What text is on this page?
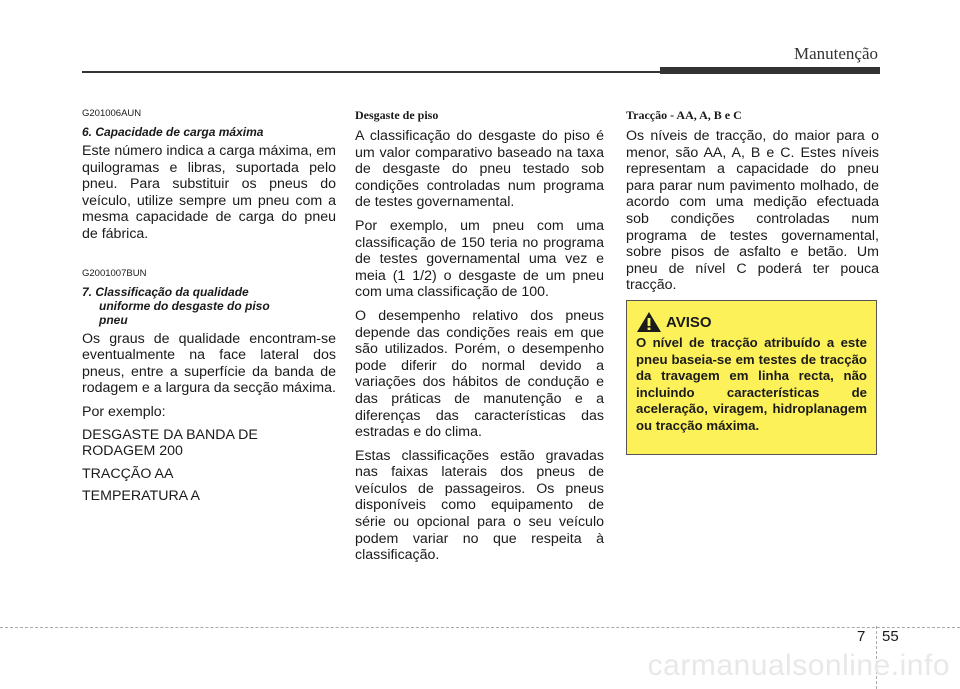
Manutenção

G201006AUN

6. Capacidade de carga máxima

Este número indica a carga máxima, em quilogramas e libras, suportada pelo pneu. Para substituir os pneus do veículo, utilize sempre um pneu com a mesma capacidade de carga do pneu de fábrica.

G2001007BUN

7. Classificação da qualidade
uniforme do desgaste do piso
pneu

Os graus de qualidade encontram-se eventualmente na face lateral dos pneus, entre a superfície da banda de rodagem e a largura da secção máxima.

Por exemplo:

DESGASTE DA BANDA DE RODAGEM 200

TRACÇÃO AA

TEMPERATURA A

Desgaste de piso

A classificação do desgaste do piso é um valor comparativo baseado na taxa de desgaste do pneu testado sob condições controladas num programa de testes governamental.

Por exemplo, um pneu com uma classificação de 150 teria no programa de testes governamental uma vez e meia (1 1/2) o desgaste de um pneu com uma classificação de 100.

O desempenho relativo dos pneus depende das condições reais em que são utilizados. Porém, o desempenho pode diferir do normal devido a variações dos hábitos de condução e das práticas de manutenção e a diferenças das características das estradas e do clima.

Estas classificações estão gravadas nas faixas laterais dos pneus de veículos de passageiros. Os pneus disponíveis como equipamento de série ou opcional para o seu veículo podem variar no que respeita à classificação.

Tracção - AA, A, B e C

Os níveis de tracção, do maior para o menor, são AA, A, B e C. Estes níveis representam a capacidade do pneu para parar num pavimento molhado, de acordo com uma medição efectuada sob condições controladas num programa de testes governamental, sobre pisos de asfalto e betão. Um pneu de nível C poderá ter pouca tracção.

AVISO

O nível de tracção atribuído a este pneu baseia-se em testes de tracção da travagem em linha recta, não incluindo características de aceleração, viragem, hidroplanagem ou tracção máxima.

7 55
carmanualsonline.info
